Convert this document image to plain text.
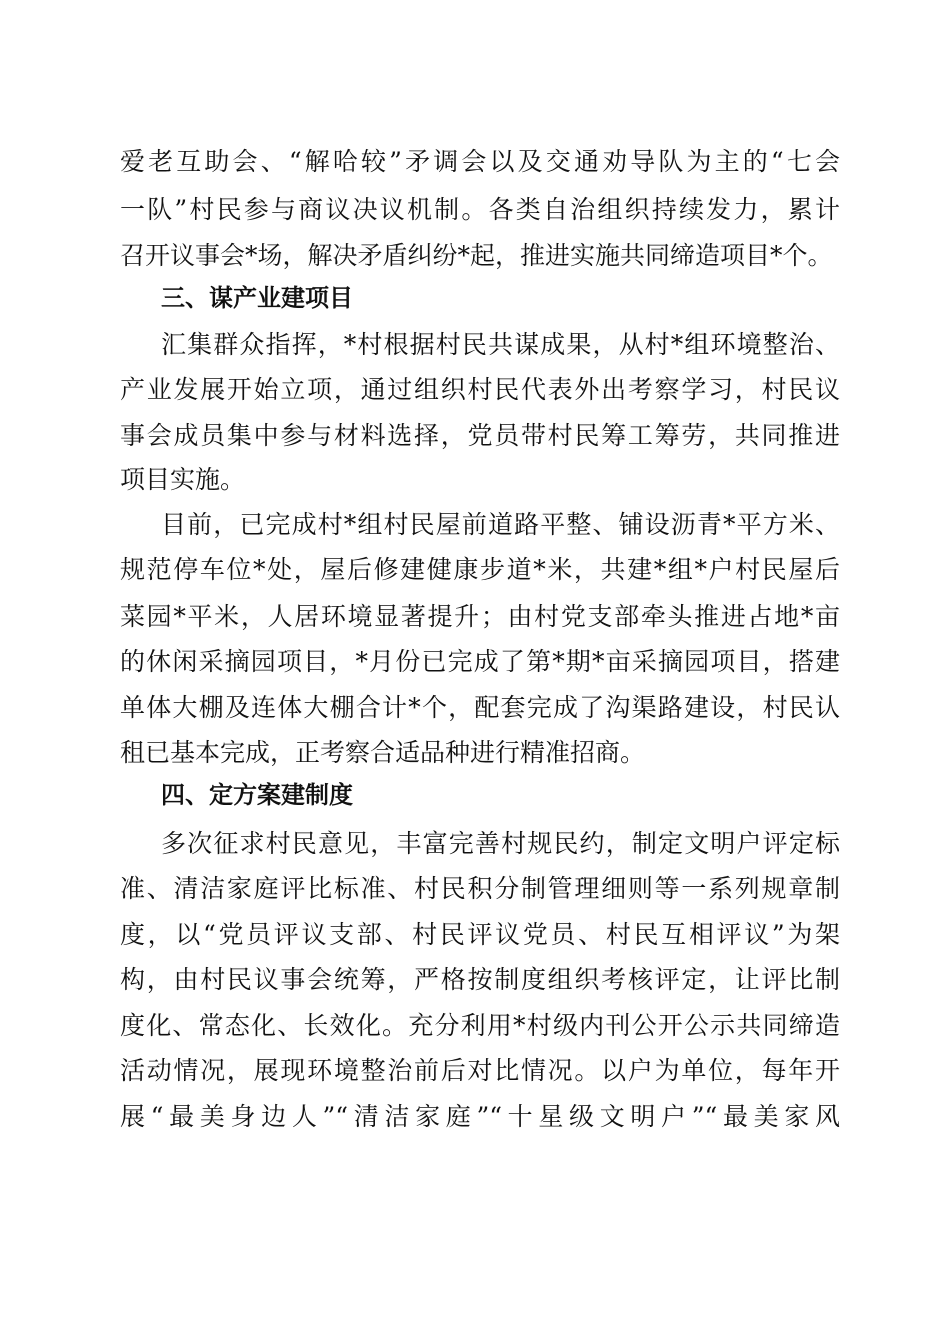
爱老互助会、“解哈较”矛调会以及交通劝导队为主的“七会
一队”村民参与商议决议机制。各类自治组织持续发力，累计
召开议事会*场，解决矛盾纠纷*起，推进实施共同缔造项目*个。
三、谋产业建项目
汇集群众指挥，*村根据村民共谋成果，从村*组环境整治、
产业发展开始立项，通过组织村民代表外出考察学习，村民议
事会成员集中参与材料选择，党员带村民筹工筹劳，共同推进
项目实施。
目前，已完成村*组村民屋前道路平整、铺设沥青*平方米、
规范停车位*处，屋后修建健康步道*米，共建*组*户村民屋后
菜园*平米，人居环境显著提升；由村党支部牵头推进占地*亩
的休闲采摘园项目，*月份已完成了第*期*亩采摘园项目，搭建
单体大棚及连体大棚合计*个，配套完成了沟渠路建设，村民认
租已基本完成，正考察合适品种进行精准招商。
四、定方案建制度
多次征求村民意见，丰富完善村规民约，制定文明户评定标
准、清洁家庭评比标准、村民积分制管理细则等一系列规章制
度，以“党员评议支部、村民评议党员、村民互相评议”为架
构，由村民议事会统筹，严格按制度组织考核评定，让评比制
度化、常态化、长效化。充分利用*村级内刊公开公示共同缔造
活动情况，展现环境整治前后对比情况。以户为单位，每年开
展“最美身边人”“清洁家庭”“十星级文明户”“最美家风
